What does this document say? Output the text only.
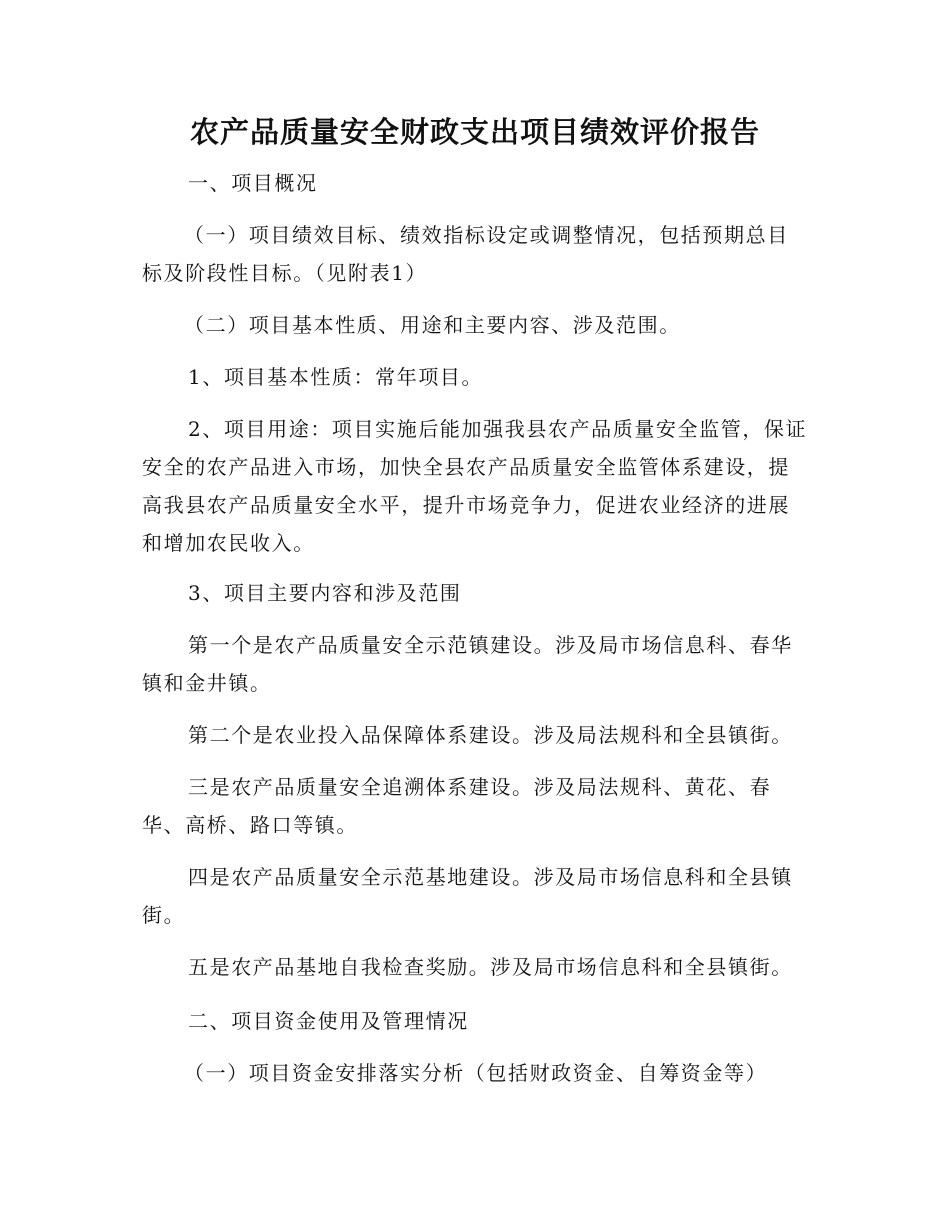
农产品质量安全财政支出项目绩效评价报告

一、项目概况

（一）项目绩效目标、绩效指标设定或调整情况，包括预期总目标及阶段性目标。（见附表1）

（二）项目基本性质、用途和主要内容、涉及范围。

1、项目基本性质：常年项目。

2、项目用途：项目实施后能加强我县农产品质量安全监管，保证安全的农产品进入市场，加快全县农产品质量安全监管体系建设，提高我县农产品质量安全水平，提升市场竞争力，促进农业经济的进展和增加农民收入。

3、项目主要内容和涉及范围

第一个是农产品质量安全示范镇建设。涉及局市场信息科、春华镇和金井镇。

第二个是农业投入品保障体系建设。涉及局法规科和全县镇街。

三是农产品质量安全追溯体系建设。涉及局法规科、黄花、春华、高桥、路口等镇。

四是农产品质量安全示范基地建设。涉及局市场信息科和全县镇街。

五是农产品基地自我检查奖励。涉及局市场信息科和全县镇街。

二、项目资金使用及管理情况

（一）项目资金安排落实分析（包括财政资金、自筹资金等）
